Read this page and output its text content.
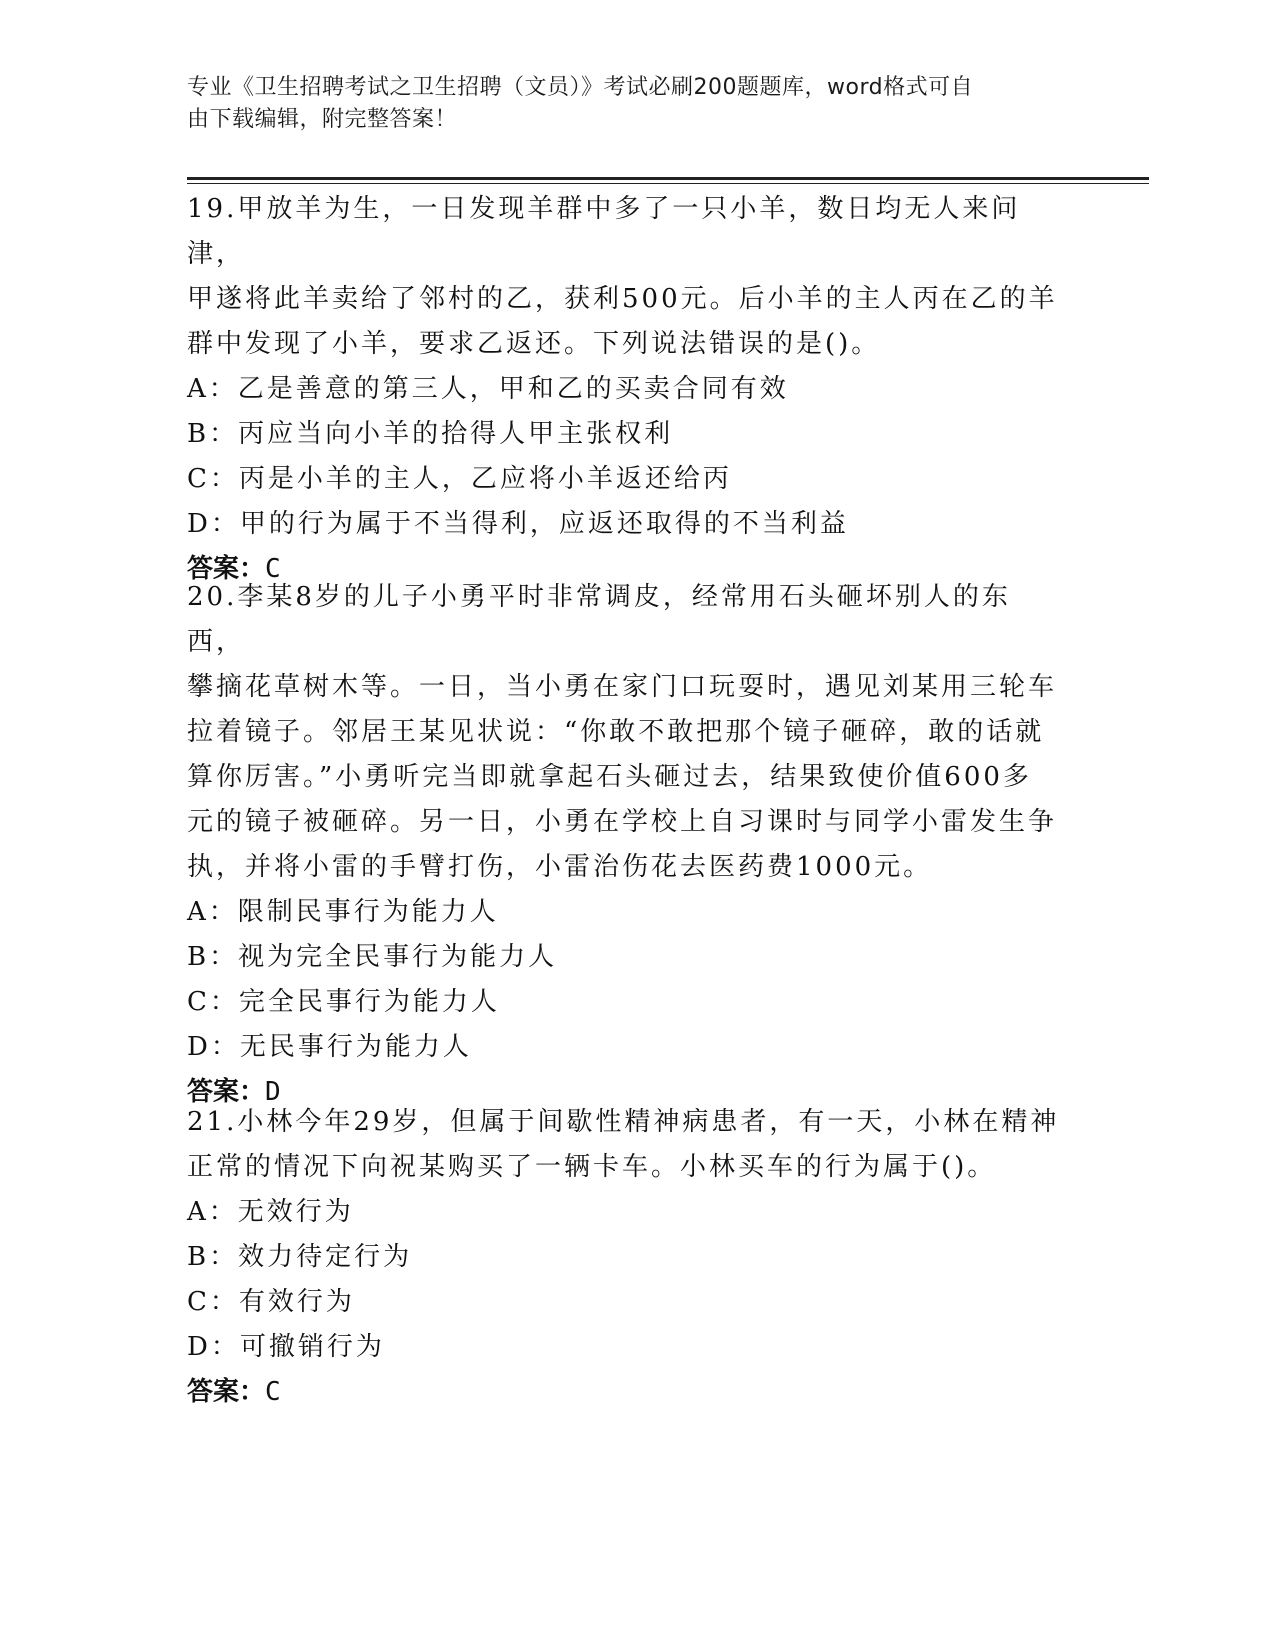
专业《卫生招聘考试之卫生招聘（文员）》考试必刷200题题库，word格式可自
由下载编辑，附完整答案！

19.甲放羊为生，一日发现羊群中多了一只小羊，数日均无人来问津，

甲遂将此羊卖给了邻村的乙，获利500元。后小羊的主人丙在乙的羊

群中发现了小羊，要求乙返还。下列说法错误的是()。

A：乙是善意的第三人，甲和乙的买卖合同有效

B：丙应当向小羊的拾得人甲主张权利

C：丙是小羊的主人，乙应将小羊返还给丙

D：甲的行为属于不当得利，应返还取得的不当利益

答案：C

20.李某8岁的儿子小勇平时非常调皮，经常用石头砸坏别人的东西，

攀摘花草树木等。一日，当小勇在家门口玩耍时，遇见刘某用三轮车

拉着镜子。邻居王某见状说：“你敢不敢把那个镜子砸碎，敢的话就

算你厉害。”小勇听完当即就拿起石头砸过去，结果致使价值600多

元的镜子被砸碎。另一日，小勇在学校上自习课时与同学小雷发生争

执，并将小雷的手臂打伤，小雷治伤花去医药费1000元。

A：限制民事行为能力人

B：视为完全民事行为能力人

C：完全民事行为能力人

D：无民事行为能力人

答案：D

21.小林今年29岁，但属于间歇性精神病患者，有一天，小林在精神

正常的情况下向祝某购买了一辆卡车。小林买车的行为属于()。

A：无效行为

B：效力待定行为

C：有效行为

D：可撤销行为

答案：C
